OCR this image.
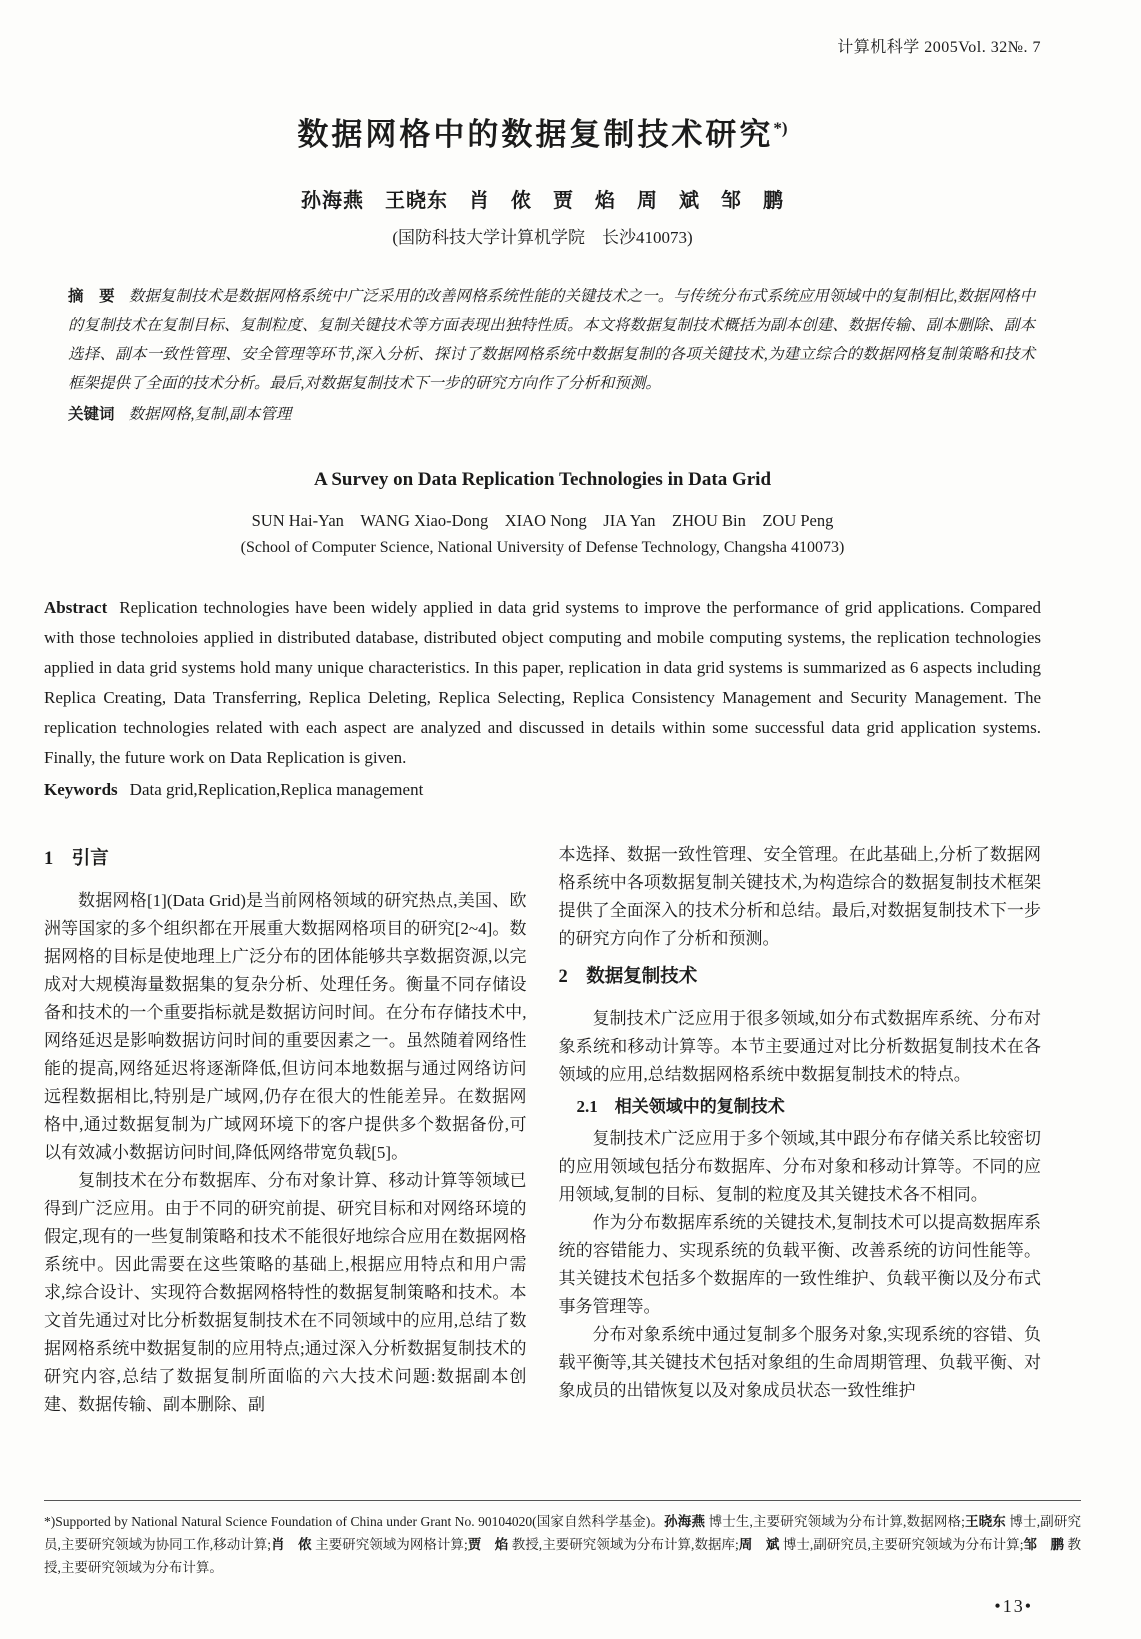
计算机科学 2005Vol. 32№. 7
数据网格中的数据复制技术研究*)
孙海燕　王晓东　肖　侬　贾　焰　周　斌　邹　鹏
(国防科技大学计算机学院　长沙410073)

摘　要 数据复制技术是数据网格系统中广泛采用的改善网格系统性能的关键技术之一。与传统分布式系统应用领域中的复制相比,数据网格中的复制技术在复制目标、复制粒度、复制关键技术等方面表现出独特性质。本文将数据复制技术概括为副本创建、数据传输、副本删除、副本选择、副本一致性管理、安全管理等环节,深入分析、探讨了数据网格系统中数据复制的各项关键技术,为建立综合的数据网格复制策略和技术框架提供了全面的技术分析。最后,对数据复制技术下一步的研究方向作了分析和预测。

关键词 数据网格,复制,副本管理

A Survey on Data Replication Technologies in Data Grid
SUN Hai-Yan　WANG Xiao-Dong　XIAO Nong　JIA Yan　ZHOU Bin　ZOU Peng
(School of Computer Science, National University of Defense Technology, Changsha 410073)

Abstract Replication technologies have been widely applied in data grid systems to improve the performance of grid applications. Compared with those technoloies applied in distributed database, distributed object computing and mobile computing systems, the replication technologies applied in data grid systems hold many unique characteristics. In this paper, replication in data grid systems is summarized as 6 aspects including Replica Creating, Data Transferring, Replica Deleting, Replica Selecting, Replica Consistency Management and Security Management. The replication technologies related with each aspect are analyzed and discussed in details within some successful data grid application systems. Finally, the future work on Data Replication is given.

Keywords Data grid,Replication,Replica management

1　引言

数据网格[1](Data Grid)是当前网格领域的研究热点,美国、欧洲等国家的多个组织都在开展重大数据网格项目的研究[2~4]。数据网格的目标是使地理上广泛分布的团体能够共享数据资源,以完成对大规模海量数据集的复杂分析、处理任务。衡量不同存储设备和技术的一个重要指标就是数据访问时间。在分布存储技术中,网络延迟是影响数据访问时间的重要因素之一。虽然随着网络性能的提高,网络延迟将逐渐降低,但访问本地数据与通过网络访问远程数据相比,特别是广域网,仍存在很大的性能差异。在数据网格中,通过数据复制为广域网环境下的客户提供多个数据备份,可以有效减小数据访问时间,降低网络带宽负载[5]。

复制技术在分布数据库、分布对象计算、移动计算等领域已得到广泛应用。由于不同的研究前提、研究目标和对网络环境的假定,现有的一些复制策略和技术不能很好地综合应用在数据网格系统中。因此需要在这些策略的基础上,根据应用特点和用户需求,综合设计、实现符合数据网格特性的数据复制策略和技术。本文首先通过对比分析数据复制技术在不同领域中的应用,总结了数据网格系统中数据复制的应用特点;通过深入分析数据复制技术的研究内容,总结了数据复制所面临的六大技术问题:数据副本创建、数据传输、副本删除、副

本选择、数据一致性管理、安全管理。在此基础上,分析了数据网格系统中各项数据复制关键技术,为构造综合的数据复制技术框架提供了全面深入的技术分析和总结。最后,对数据复制技术下一步的研究方向作了分析和预测。

2　数据复制技术

复制技术广泛应用于很多领域,如分布式数据库系统、分布对象系统和移动计算等。本节主要通过对比分析数据复制技术在各领域的应用,总结数据网格系统中数据复制技术的特点。

2.1　相关领域中的复制技术

复制技术广泛应用于多个领域,其中跟分布存储关系比较密切的应用领域包括分布数据库、分布对象和移动计算等。不同的应用领域,复制的目标、复制的粒度及其关键技术各不相同。

作为分布数据库系统的关键技术,复制技术可以提高数据库系统的容错能力、实现系统的负载平衡、改善系统的访问性能等。其关键技术包括多个数据库的一致性维护、负载平衡以及分布式事务管理等。

分布对象系统中通过复制多个服务对象,实现系统的容错、负载平衡等,其关键技术包括对象组的生命周期管理、负载平衡、对象成员的出错恢复以及对象成员状态一致性维护

*)Supported by National Natural Science Foundation of China under Grant No. 90104020(国家自然科学基金)。孙海燕 博士生,主要研究领域为分布计算,数据网格;王晓东 博士,副研究员,主要研究领域为协同工作,移动计算;肖　侬 主要研究领域为网格计算;贾　焰 教授,主要研究领域为分布计算,数据库;周　斌 博士,副研究员,主要研究领域为分布计算;邹　鹏 教授,主要研究领域为分布计算。
•13•
